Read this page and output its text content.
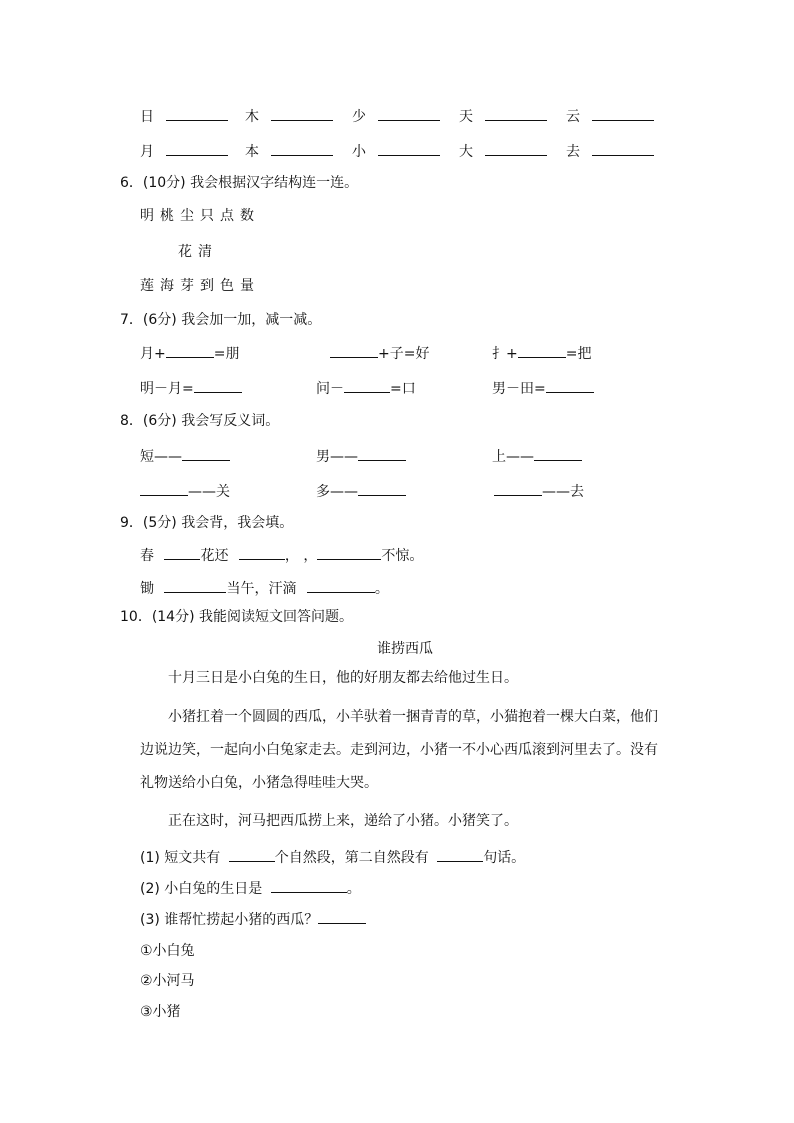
日	木	少	天	云
月	本	小	大	去
6．(10分) 我会根据汉字结构连一连。
明 桃 尘 只 点 数
花 清
莲 海 芽 到 色 量
7．(6分) 我会加一加，减一减。
月+	=朋	+子=好	扌+	=把
明－月=	问－	=口	男－田=
8．(6分) 我会写反义词。
短——	男——	上——
——关	多——	——去
9．(5分) 我会背，我会填。
春	花还	， ，	不惊。
锄	当午，汗滴	。
10．(14分) 我能阅读短文回答问题。
谁捞西瓜
十月三日是小白兔的生日，他的好朋友都去给他过生日。
小猪扛着一个圆圆的西瓜，小羊驮着一捆青青的草，小猫抱着一棵大白菜，他们边说边笑，一起向小白兔家走去。走到河边，小猪一不小心西瓜滚到河里去了。没有礼物送给小白兔，小猪急得哇哇大哭。
正在这时，河马把西瓜捞上来，递给了小猪。小猪笑了。
(1) 短文共有	个自然段，第二自然段有	句话。
(2) 小白兔的生日是	。
(3) 谁帮忙捞起小猪的西瓜？
①小白兔
②小河马
③小猪
